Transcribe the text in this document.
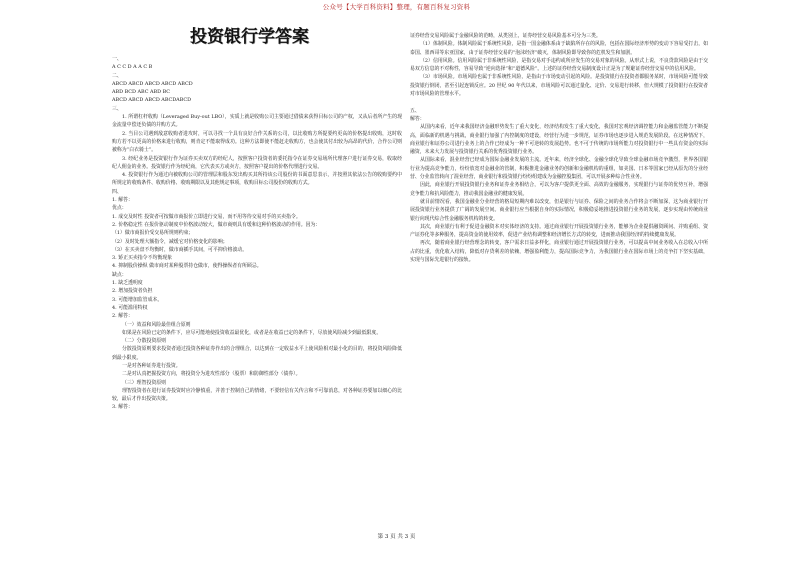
公众号【大学百科资料】整理，有题百科复习资料
投资银行学答案

一、

A C C D A A C B

二、

ABCD ABCD ABCD ABCD ABCD

ABD BCD ABC ABD BC

ABCD ABCD ABCD ABCDABCD

三、

1. 所谓杠杆收购（Leveraged Buy-out LBO），实质上就是收购公司主要通过借债来获得目标公司的产权，又从后者所产生的现金流量中偿还负债的并购方式。

2. 当目公司遇到敌意收购者进攻时，可以寻找一个具有良好合作关系的公司，以比收购方所提要约更高的价格提出收购，这时收购方若不以更高的价格来进行收购，则肯定不能取得成功。这种方法即使不能赶走收购方，也会使其付出较为高昂的代价，合作公司则被称为“白衣骑士”。

3. 经纪业务是投资银行作为证券买卖双方的经纪人，按照客户投资者的委托指令在证券交易场所代理客户进行证券交易，收取经纪人佣金的业务。投资银行作为经纪商，它代表买方或卖方，按照客户提出的价格代理进行交易。

4. 投资银行作为通过向被收购公司的管理层和股东发出购买其所持该公司股份的书面意思表示，并按照其依法公告的收购要约中所规定的收购条件、收购价格、收购期限以及其他规定事项，收购目标公司股份的收购方式。

四、

1. 解答：

优点：

1. 成交及时性 投资者可按做市商报价立即进行交易，而不用等待交易对手的买卖指令。

2. 价格稳定性 在报价驱动制度中价格波动较大，做市商则具有缓和这种价格波动的作用。因为：

（1）做市商报价受交易所规则约束；

（2）及时处理大额指令，减缓它对价格变化的影响；

（3）在买卖盘不均衡时，做市商插手其间，可平抑价格波动。

3. 矫正买卖指令不均衡现象

4. 抑制股价操纵 做市商对某种股票持仓做市，使得操纵者有所顾忌。

缺点：

1. 缺乏透明度

2. 增加投资者负担

3. 可能增加监管成本。

4. 可能滥用特权

2. 解答：

（一）效益和风险最佳组合原则

如果是在风险已定的条件下，应尽可能地使投资收益最优化，或者是在收益已定的条件下，尽放使风险减少到最低限度。

（二）分散投资原则

分散投资原则要求投资者通过投资各种证券作出的合理组合，以达到在一定收益水平上使风险相对最小化的目的，将投资风险降低到最小限度。

一是对各种证券进行投资。

二是对认真把握投资方向，将投资分为进攻性部分（股票）和防御性部分（债券）。

（三）理智投资原则

理智投资者在进行证券投资时应冷静慎重，并善于控制自己的情绪，不要轻信有关传言和不可靠消息，对各种证券要加以细心的比较，最后才作出投资决策。

3. 解答：

证券经营交易风险属于金融风险的范畴，从类别上，证券经营交易风险基本可分为三类。

（1）体制风险。体制风险属于系统性风险，是指一国金融体系由于缺陷所存在的风险，包括在国际经济形势的变动下容易受打击，如泰国、墨西哥等东亚国家，由于证券经营交易的“泡沫经济”破灭，体制风险即导致你的危机发生和加剧。

（2）信用风险。信用风险属于非系统性风险，是指交易对手违约或所应发生的交易对象的风险。从形式上说，不良贷款风险是由于交易双方信息的不对称性，容易导致“逆向选择”和“道德风险”。上述的证券经营交易制度设计正是为了规避证券经营交易中的信用风险。

（3）市场风险。市场风险也属于非系统性风险，是指由于市场变动引起的风险。是投资银行在投资者都服务某时，市场风险可能导致投资银行倒闭，甚至引起连锁反应。20 世纪 90 年代以来，市场风险可以通过量化、定价、交易进行转移，但大规模了投资银行在投资者对市场风险的管理水平。

五、

解答：

从国内来看，近年来我国经济金融形势发生了重大变化，经济结构发生了重大变化，我国对宏观经济调控能力和金融监管能力不断提高，面临新的机遇与挑战，商业银行加强了内控制度的建设，经营行为进一步规范，证券市场也逐步进入规范发展阶段。在这种情况下，商业银行和证券公司进行业务上的合作已经成为一种不可逆转的发展趋势。也不可于传统的市场所能力对投资银行中一些具有资金的实际融资，未来大力发展与投资银行关系的优秀投资银行业务。

从国际来看，混业经营已经成为国际金融业发展的主流。近年来，经济全球化、金融全球化导致全球金融市场竞争激烈，世界各国银行业为提高竞争能力，纷纷放宽对金融业的管制，积极推进金融业务的创新和金融机构的重组，如美国、日本等国家已经从原先的分业经营、分业监管转向了混业经营，商业银行和投资银行纷纷组建成为金融控股集团，可以开展多种综合性业务。

因此，商业银行开展投资银行业务和证券业务相结合，可以为客户提供更全面、高效的金融服务，实现银行与证券的优势互补，增强竞争能力和抗风险能力，推动我国金融业的健康发展。

就目前情况看，我国金融业分业经营的格局短期内难以改变，但是银行与证券、保险之间的业务合作将会不断加深，这为商业银行开展投资银行业务提供了广阔的发展空间。商业银行应当根据自身的实际情况，积极稳妥地推进投资银行业务的发展，逐步实现由传统商业银行向现代综合性金融服务机构的转变。

其次，商业银行有利于促进金融资本对实体经济的支持。通过商业银行开展投资银行业务，能够为企业提供融资顾问、并购重组、资产证券化等多种服务，提高资金的使用效率，促进产业结构调整和经济增长方式的转变，进而推动我国经济的持续健康发展。

再次，随着商业银行经营理念的转变，客户需求日益多样化，商业银行通过开展投资银行业务，可以提高中间业务收入在总收入中所占的比重，优化收入结构，降低对存贷利差的依赖，增强盈利能力，提高国际竞争力，为我国银行业在国际市场上的竞争打下坚实基础，实现与国际先进银行的接轨。

第 3 页 共 3 页
